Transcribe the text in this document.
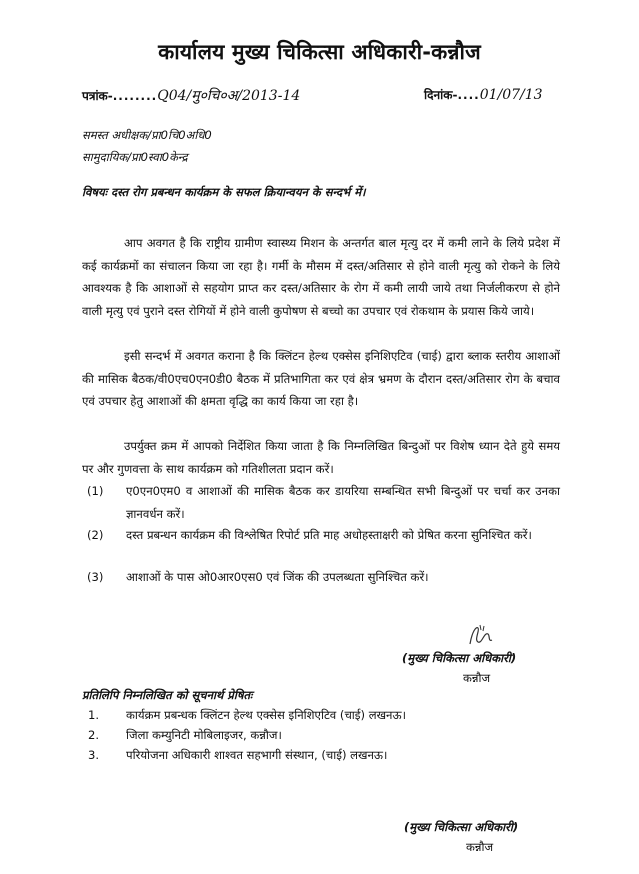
कार्यालय मुख्य चिकित्सा अधिकारी-कन्नौज
पत्रांक-........Q04/मु०चि०अ/2013-14	दिनांक-....01/07/13
समस्त अधीक्षक/प्रा0चि0अधि0
सामुदायिक/प्रा0स्वा0केन्द्र
विषयः दस्त रोग प्रबन्धन कार्यक्रम के सफल क्रियान्वयन के सन्दर्भ में।

आप अवगत है कि राष्ट्रीय ग्रामीण स्वास्थ्य मिशन के अन्तर्गत बाल मृत्यु दर में कमी लाने के लिये प्रदेश में कई कार्यक्रमों का संचालन किया जा रहा है। गर्मी के मौसम में दस्त/अतिसार से होने वाली मृत्यु को रोकने के लिये आवश्यक है कि आशाओं से सहयोग प्राप्त कर दस्त/अतिसार के रोग में कमी लायी जाये तथा निर्जलीकरण से होने वाली मृत्यु एवं पुराने दस्त रोगियों में होने वाली कुपोषण से बच्चो का उपचार एवं रोकथाम के प्रयास किये जाये।

इसी सन्दर्भ में अवगत कराना है कि क्लिंटन हेल्थ एक्सेस इनिशिएटिव (चाई) द्वारा ब्लाक स्तरीय आशाओं की मासिक बैठक/वी0एच0एन0डी0 बैठक में प्रतिभागिता कर एवं क्षेत्र भ्रमण के दौरान दस्त/अतिसार रोग के बचाव एवं उपचार हेतु आशाओं की क्षमता वृद्धि का कार्य किया जा रहा है।

उपर्युक्त क्रम में आपको निर्देशित किया जाता है कि निम्नलिखित बिन्दुओं पर विशेष ध्यान देते हुये समय पर और गुणवत्ता के साथ कार्यक्रम को गतिशीलता प्रदान करें।

(1) ए0एन0एम0 व आशाओं की मासिक बैठक कर डायरिया सम्बन्धित सभी बिन्दुओं पर चर्चा कर उनका ज्ञानवर्धन करें।
(2) दस्त प्रबन्धन कार्यक्रम की विश्लेषित रिपोर्ट प्रति माह अधोहस्ताक्षरी को प्रेषित करना सुनिश्चित करें।
(3) आशाओं के पास ओ0आर0एस0 एवं जिंक की उपलब्धता सुनिश्चित करें।
(मुख्य चिकित्सा अधिकारी)
कन्नौज
प्रतिलिपि निम्नलिखित को सूचनार्थ प्रेषितः
1. कार्यक्रम प्रबन्धक क्लिंटन हेल्थ एक्सेस इनिशिएटिव (चाई) लखनऊ।
2. जिला कम्युनिटी मोबिलाइजर, कन्नौज।
3. परियोजना अधिकारी शाश्वत सहभागी संस्थान, (चाई) लखनऊ।
(मुख्य चिकित्सा अधिकारी)
कन्नौज
